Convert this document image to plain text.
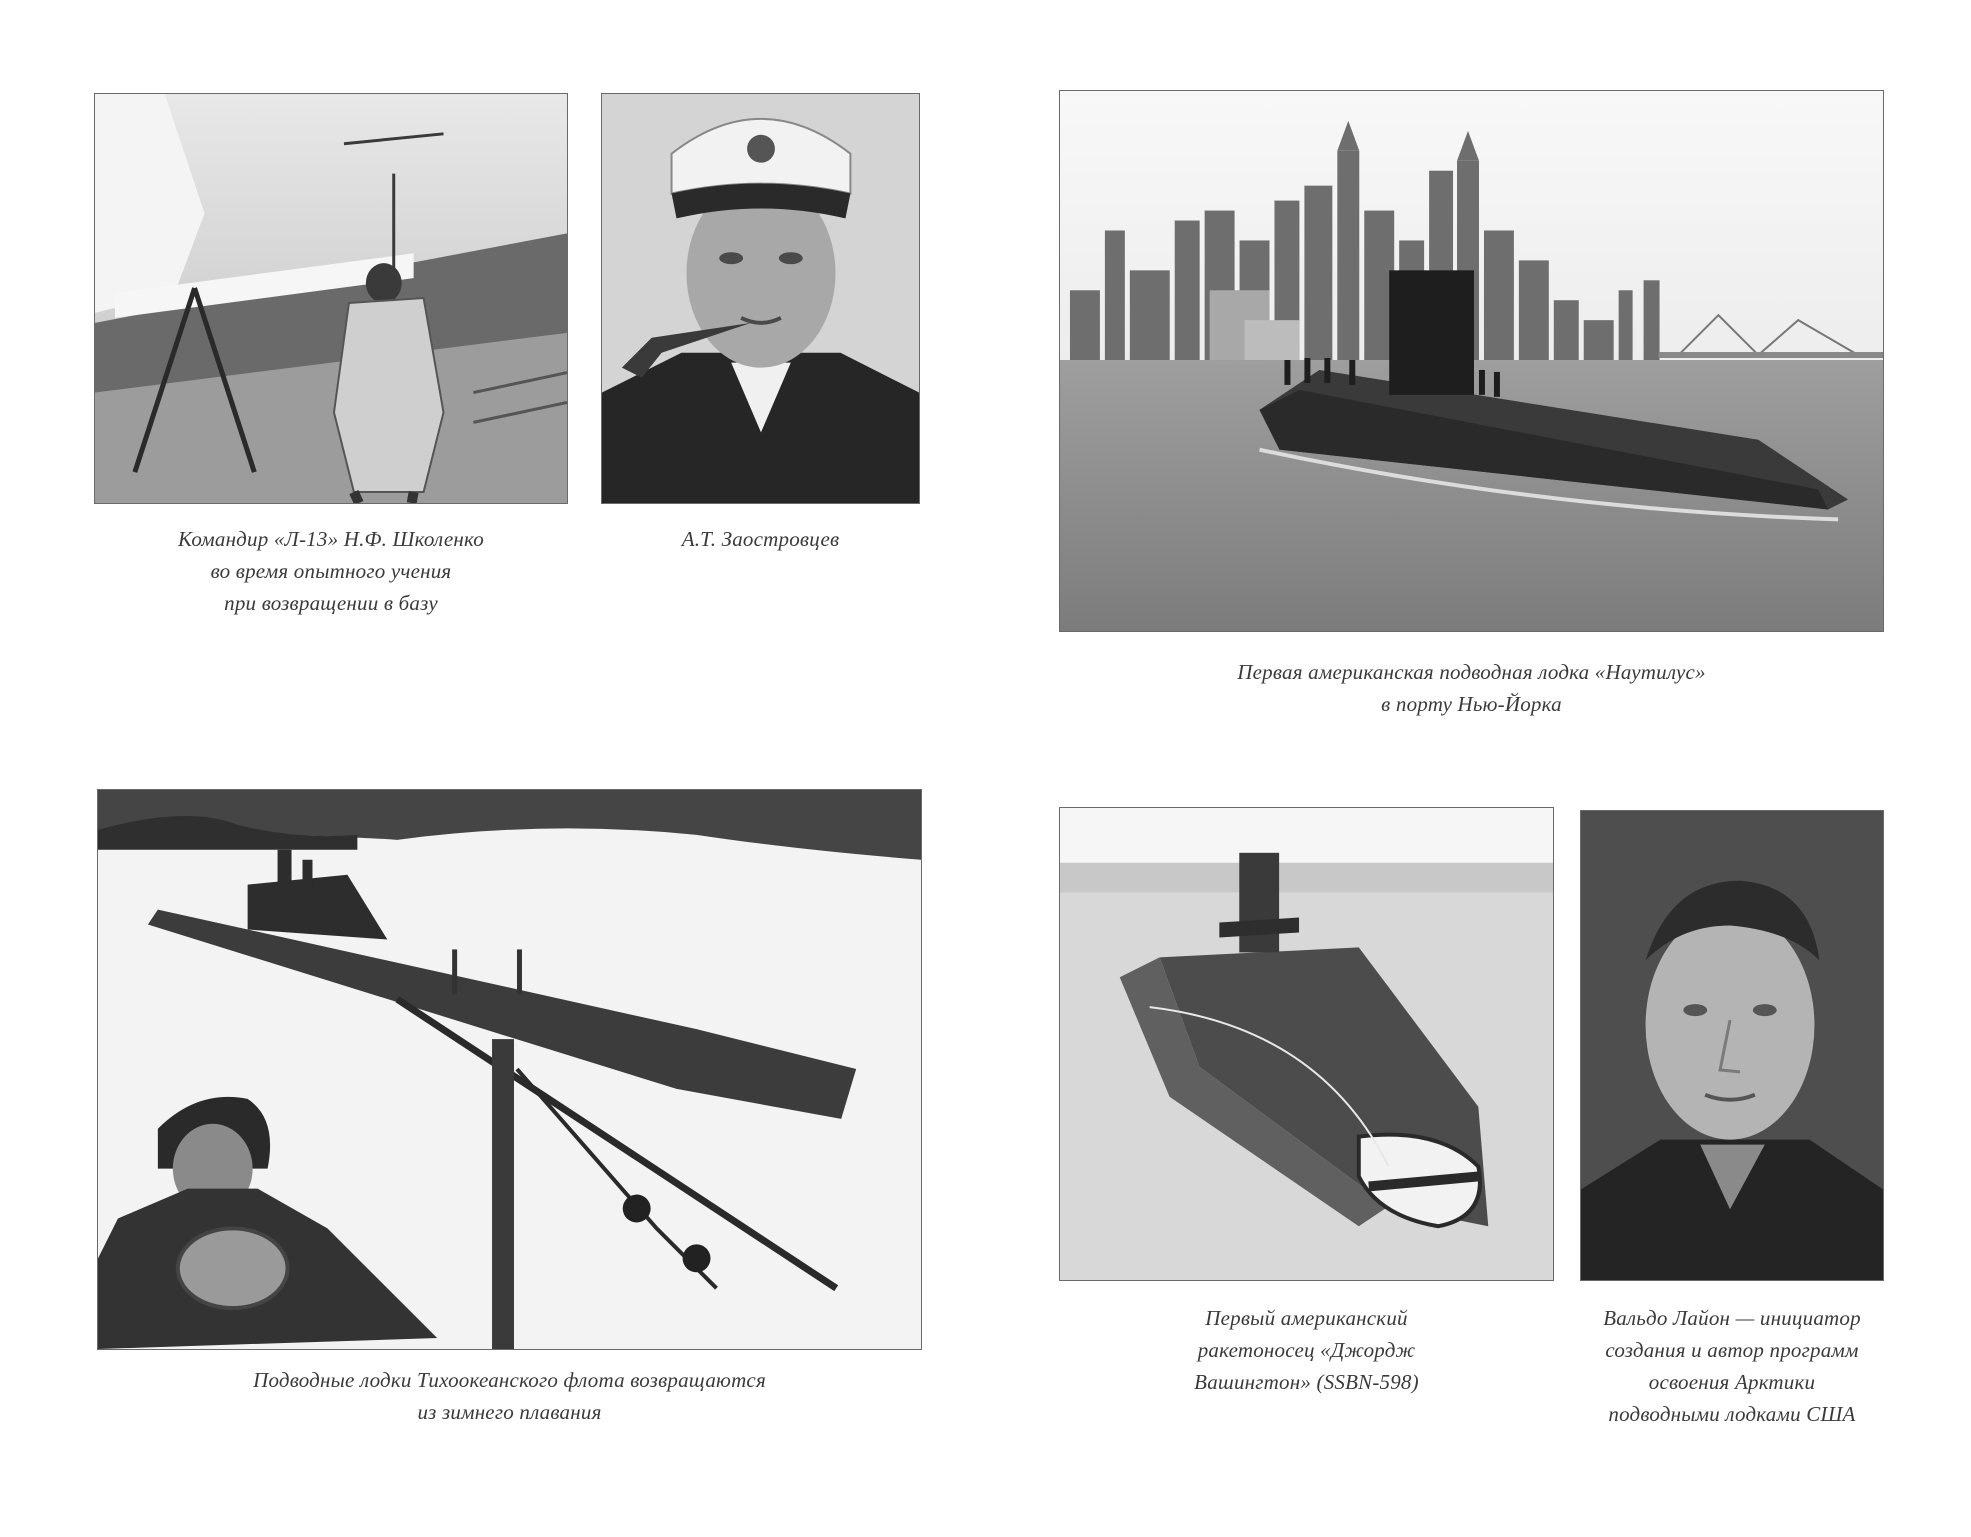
Командир «Л-13» Н.Ф. Школенко
во время опытного учения
при возвращении в базу
А.Т. Заостровцев
Первая американская подводная лодка «Наутилус»
в порту Нью-Йорка
Подводные лодки Тихоокеанского флота возвращаются
из зимнего плавания
Первый американский
ракетоносец «Джордж
Вашингтон» (SSBN-598)
Вальдо Лайон — инициатор
создания и автор программ
освоения Арктики
подводными лодками США
